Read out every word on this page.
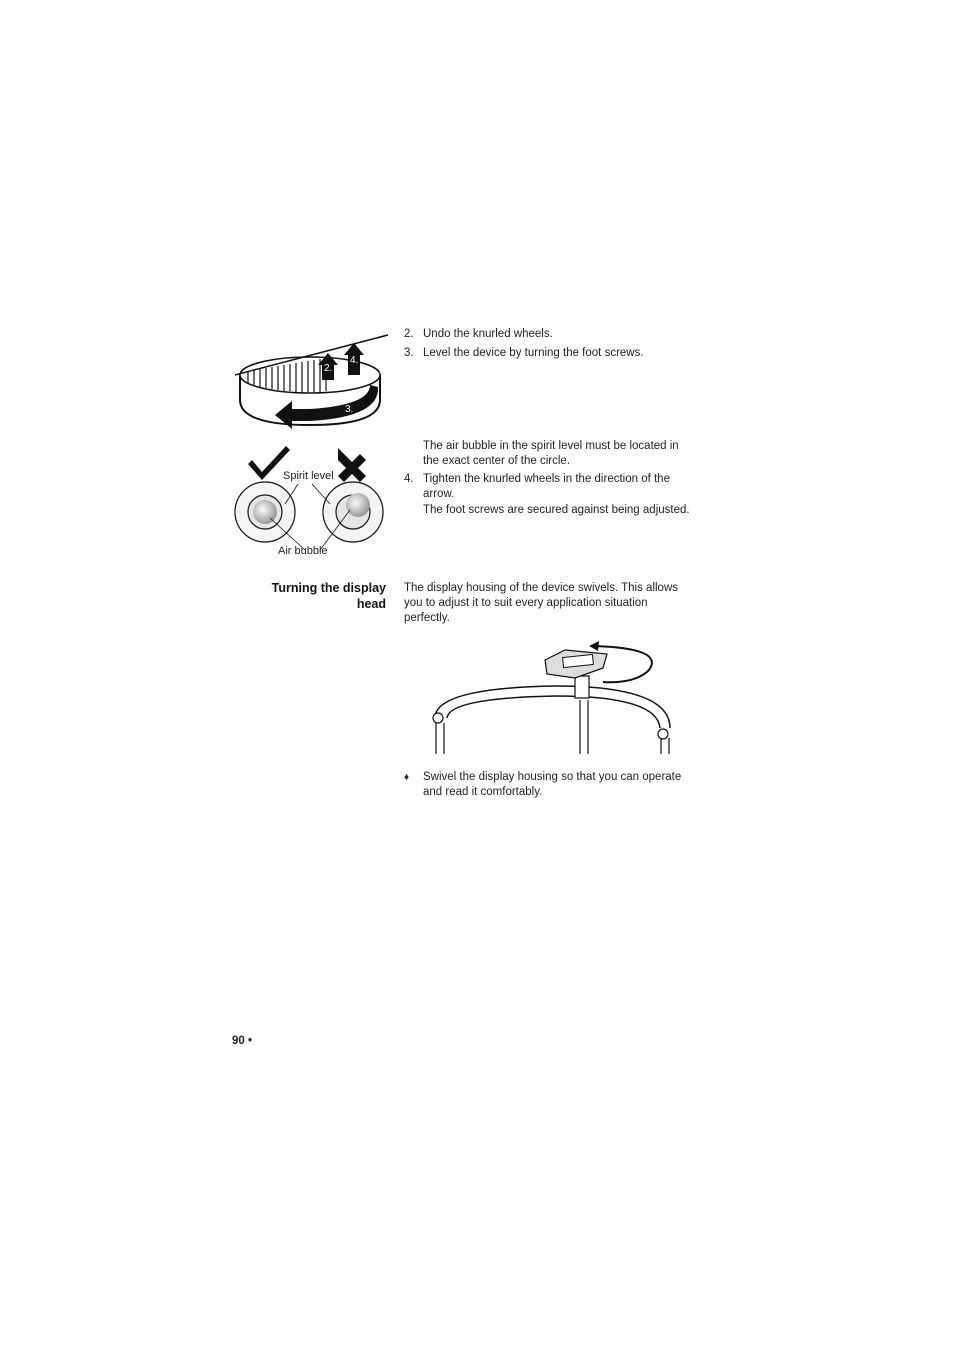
2.
4.
3.
Spirit level
Air bubble
2. Undo the knurled wheels.
3. Level the device by turning the foot screws.
The air bubble in the spirit level must be located in the exact center of the circle.
4. Tighten the knurled wheels in the direction of the arrow.
The foot screws are secured against being adjusted.
Turning the display
head
The display housing of the device swivels. This allows you to adjust it to suit every application situation perfectly.
♦ Swivel the display housing so that you can operate and read it comfortably.
90 •
